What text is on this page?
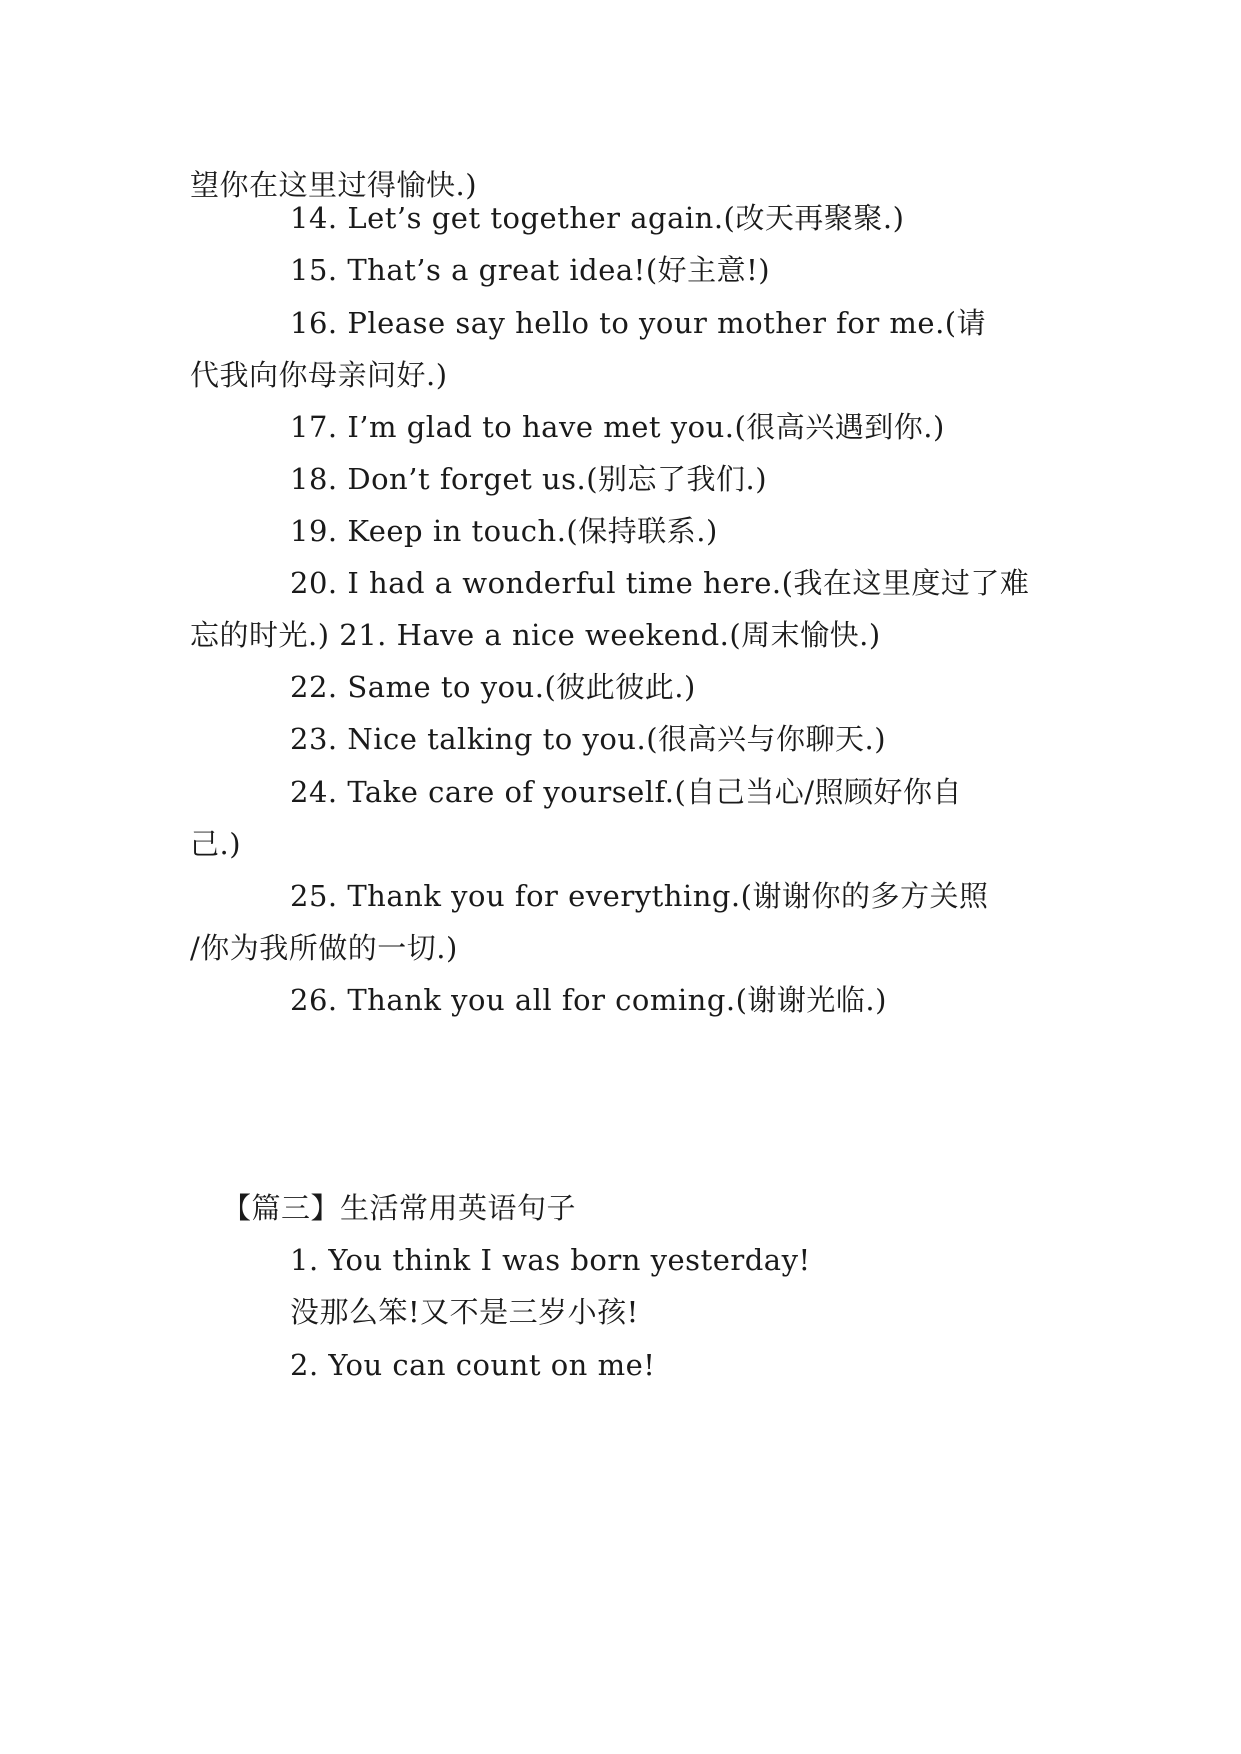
望你在这里过得愉快.)
14. Let’s get together again.(改天再聚聚.)
15. That’s a great idea!(好主意!)
16. Please say hello to your mother for me.(请
代我向你母亲问好.)
17. I’m glad to have met you.(很高兴遇到你.)
18. Don’t forget us.(别忘了我们.)
19. Keep in touch.(保持联系.)
20. I had a wonderful time here.(我在这里度过了难
忘的时光.) 21. Have a nice weekend.(周末愉快.)
22. Same to you.(彼此彼此.)
23. Nice talking to you.(很高兴与你聊天.)
24. Take care of yourself.(自己当心/照顾好你自
己.)
25. Thank you for everything.(谢谢你的多方关照
/你为我所做的一切.)
26. Thank you all for coming.(谢谢光临.)
【篇三】生活常用英语句子
1. You think I was born yesterday!
没那么笨!又不是三岁小孩!
2. You can count on me!
